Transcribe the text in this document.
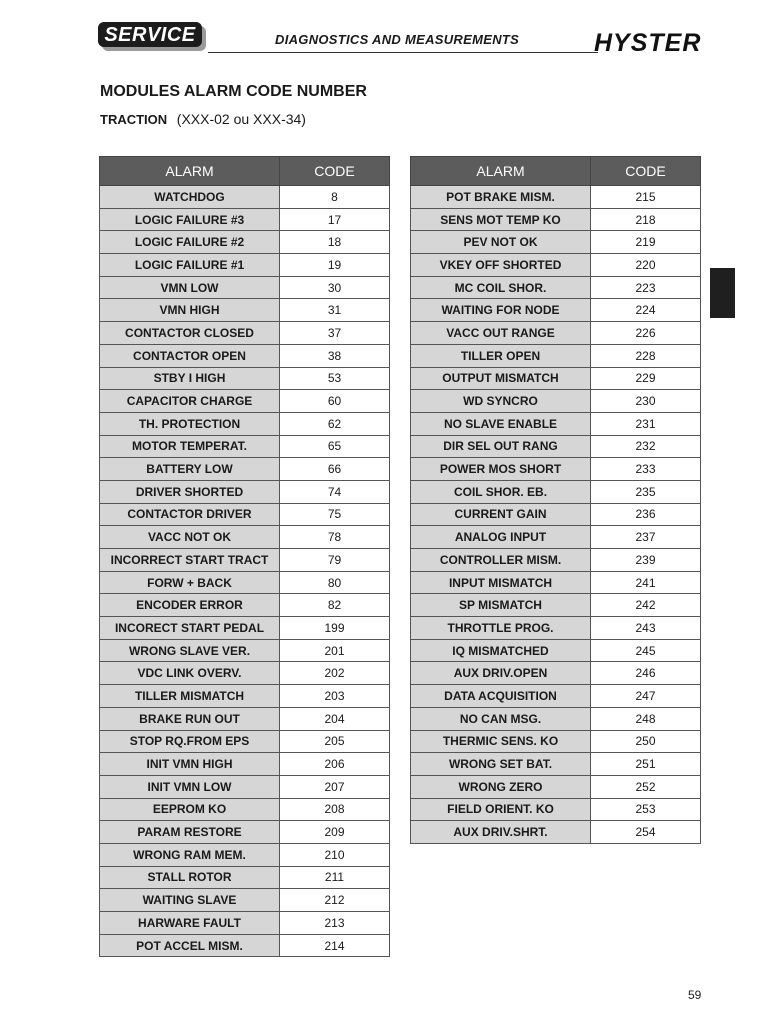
SERVICE	DIAGNOSTICS AND MEASUREMENTS	HYSTER
MODULES ALARM CODE NUMBER
TRACTION (XXX-02 ou XXX-34)
ALARM	CODE
WATCHDOG	8
LOGIC FAILURE #3	17
LOGIC FAILURE #2	18
LOGIC FAILURE #1	19
VMN LOW	30
VMN HIGH	31
CONTACTOR CLOSED	37
CONTACTOR OPEN	38
STBY I HIGH	53
CAPACITOR CHARGE	60
TH. PROTECTION	62
MOTOR TEMPERAT.	65
BATTERY LOW	66
DRIVER SHORTED	74
CONTACTOR DRIVER	75
VACC NOT OK	78
INCORRECT START TRACT	79
FORW + BACK	80
ENCODER ERROR	82
INCORECT START PEDAL	199
WRONG SLAVE VER.	201
VDC LINK OVERV.	202
TILLER MISMATCH	203
BRAKE RUN OUT	204
STOP RQ.FROM EPS	205
INIT VMN HIGH	206
INIT VMN LOW	207
EEPROM KO	208
PARAM RESTORE	209
WRONG RAM MEM.	210
STALL ROTOR	211
WAITING SLAVE	212
HARWARE FAULT	213
POT ACCEL MISM.	214
ALARM	CODE
POT BRAKE MISM.	215
SENS MOT TEMP KO	218
PEV NOT OK	219
VKEY OFF SHORTED	220
MC COIL SHOR.	223
WAITING FOR NODE	224
VACC OUT RANGE	226
TILLER OPEN	228
OUTPUT MISMATCH	229
WD SYNCRO	230
NO SLAVE ENABLE	231
DIR SEL OUT RANG	232
POWER MOS SHORT	233
COIL SHOR. EB.	235
CURRENT GAIN	236
ANALOG INPUT	237
CONTROLLER MISM.	239
INPUT MISMATCH	241
SP MISMATCH	242
THROTTLE PROG.	243
IQ MISMATCHED	245
AUX DRIV.OPEN	246
DATA ACQUISITION	247
NO CAN MSG.	248
THERMIC SENS. KO	250
WRONG SET BAT.	251
WRONG ZERO	252
FIELD ORIENT. KO	253
AUX DRIV.SHRT.	254
59
